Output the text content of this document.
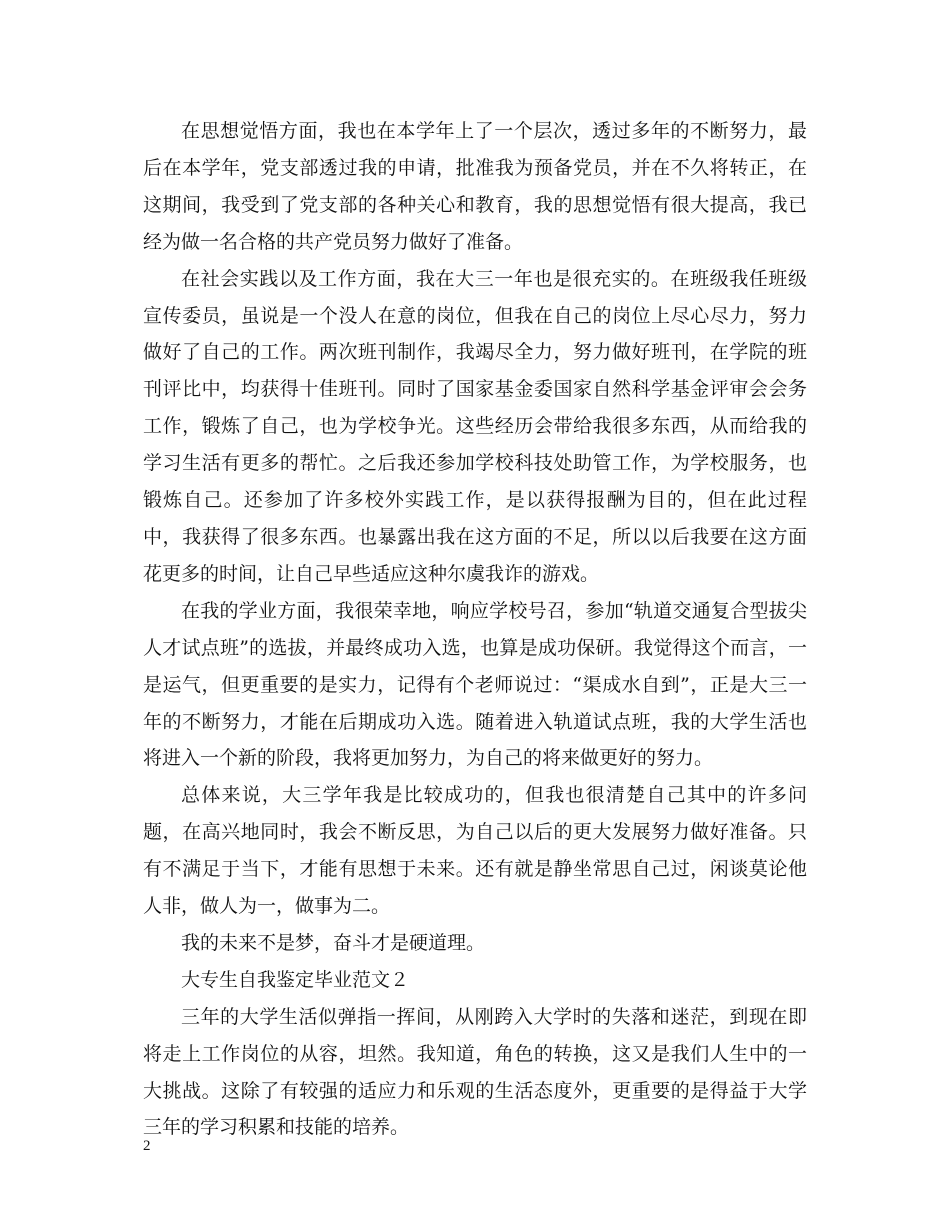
在思想觉悟方面，我也在本学年上了一个层次，透过多年的不断努力，最后在本学年，党支部透过我的申请，批准我为预备党员，并在不久将转正，在这期间，我受到了党支部的各种关心和教育，我的思想觉悟有很大提高，我已经为做一名合格的共产党员努力做好了准备。

在社会实践以及工作方面，我在大三一年也是很充实的。在班级我任班级宣传委员，虽说是一个没人在意的岗位，但我在自己的岗位上尽心尽力，努力做好了自己的工作。两次班刊制作，我竭尽全力，努力做好班刊，在学院的班刊评比中，均获得十佳班刊。同时了国家基金委国家自然科学基金评审会会务工作，锻炼了自己，也为学校争光。这些经历会带给我很多东西，从而给我的学习生活有更多的帮忙。之后我还参加学校科技处助管工作，为学校服务，也锻炼自己。还参加了许多校外实践工作，是以获得报酬为目的，但在此过程中，我获得了很多东西。也暴露出我在这方面的不足，所以以后我要在这方面花更多的时间，让自己早些适应这种尔虞我诈的游戏。

在我的学业方面，我很荣幸地，响应学校号召，参加“轨道交通复合型拔尖人才试点班”的选拔，并最终成功入选，也算是成功保研。我觉得这个而言，一是运气，但更重要的是实力，记得有个老师说过：“渠成水自到”，正是大三一年的不断努力，才能在后期成功入选。随着进入轨道试点班，我的大学生活也将进入一个新的阶段，我将更加努力，为自己的将来做更好的努力。

总体来说，大三学年我是比较成功的，但我也很清楚自己其中的许多问题，在高兴地同时，我会不断反思，为自己以后的更大发展努力做好准备。只有不满足于当下，才能有思想于未来。还有就是静坐常思自己过，闲谈莫论他人非，做人为一，做事为二。

我的未来不是梦，奋斗才是硬道理。

大专生自我鉴定毕业范文２

三年的大学生活似弹指一挥间，从刚跨入大学时的失落和迷茫，到现在即将走上工作岗位的从容，坦然。我知道，角色的转换，这又是我们人生中的一大挑战。这除了有较强的适应力和乐观的生活态度外，更重要的是得益于大学三年的学习积累和技能的培养。

2
